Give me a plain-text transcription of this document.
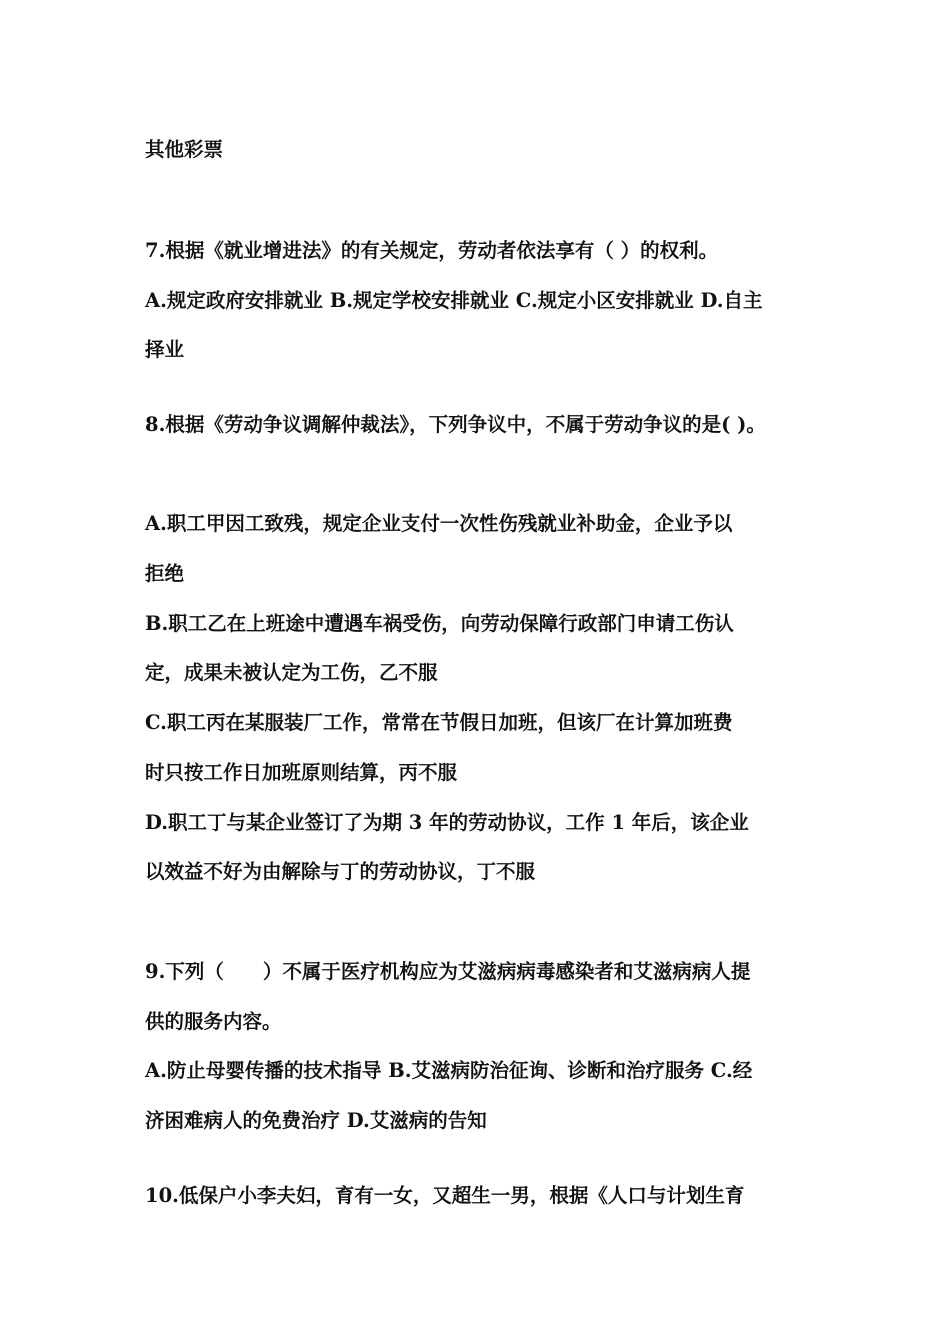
其他彩票
7.根据《就业增进法》的有关规定，劳动者依法享有（ ）的权利。
A.规定政府安排就业 B.规定学校安排就业 C.规定小区安排就业 D.自主
择业
8.根据《劳动争议调解仲裁法》，下列争议中，不属于劳动争议的是( )。
A.职工甲因工致残，规定企业支付一次性伤残就业补助金，企业予以
拒绝
B.职工乙在上班途中遭遇车祸受伤，向劳动保障行政部门申请工伤认
定，成果未被认定为工伤，乙不服
C.职工丙在某服装厂工作，常常在节假日加班，但该厂在计算加班费
时只按工作日加班原则结算，丙不服
D.职工丁与某企业签订了为期 3 年的劳动协议，工作 1 年后，该企业
以效益不好为由解除与丁的劳动协议，丁不服
9.下列（　　）不属于医疗机构应为艾滋病病毒感染者和艾滋病病人提
供的服务内容。
A.防止母婴传播的技术指导 B.艾滋病防治征询、诊断和治疗服务 C.经
济困难病人的免费治疗 D.艾滋病的告知
10.低保户小李夫妇，育有一女，又超生一男，根据《人口与计划生育
